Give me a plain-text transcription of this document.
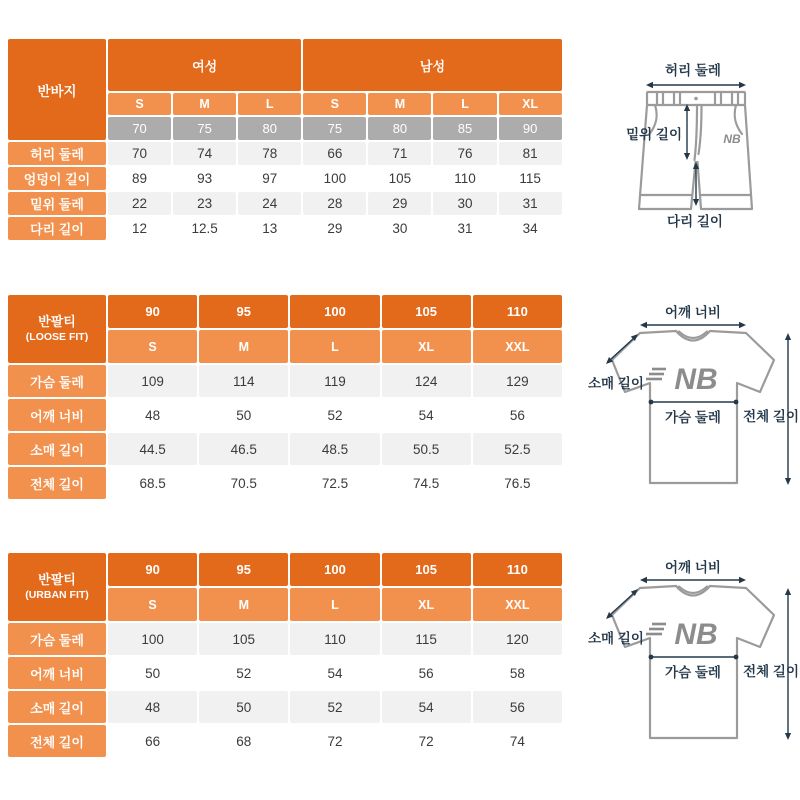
반바지	여성			남성			
	S	M	L	S	M	L	XL
	70	75	80	75	80	85	90
허리 둘레	70	74	78	66	71	76	81
엉덩이 길이	89	93	97	100	105	110	115
밑위 둘레	22	23	24	28	29	30	31
다리 길이	12	12.5	13	29	30	31	34
허리 둘레
밑위 길이
다리 길이
NB
반팔티
(LOOSE FIT)	90	95	100	105	110
	S	M	L	XL	XXL
가슴 둘레	109	114	119	124	129
어깨 너비	48	50	52	54	56
소매 길이	44.5	46.5	48.5	50.5	52.5
전체 길이	68.5	70.5	72.5	74.5	76.5
어깨 너비
소매 길이
가슴 둘레 전체 길이
NB
반팔티
(URBAN FIT)	90	95	100	105	110
	S	M	L	XL	XXL
가슴 둘레	100	105	110	115	120
어깨 너비	50	52	54	56	58
소매 길이	48	50	52	54	56
전체 길이	66	68	72	72	74
어깨 너비
소매 길이
가슴 둘레 전체 길이
NB
